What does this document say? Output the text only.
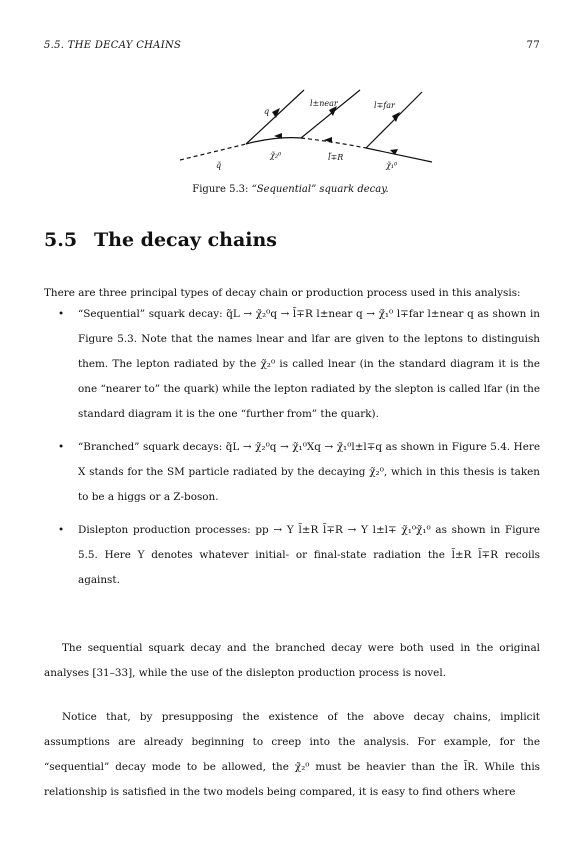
5.5. THE DECAY CHAINS	77
q
l±near	l∓far
q̃
χ̃₂⁰	l̃∓R
χ̃₁⁰
Figure 5.3: “Sequential” squark decay.
5.5 The decay chains
There are three principal types of decay chain or production process used in this analysis:
• “Sequential” squark decay: q̃L → χ̃₂⁰q → l̃∓R l±near q → χ̃₁⁰ l∓far l±near q as shown in Figure 5.3. Note that the names lnear and lfar are given to the leptons to distinguish them. The lepton radiated by the χ̃₂⁰ is called lnear (in the standard diagram it is the one “nearer to” the quark) while the lepton radiated by the slepton is called lfar (in the standard diagram it is the one “further from” the quark).
• “Branched” squark decays: q̃L → χ̃₂⁰q → χ̃₁⁰Xq → χ̃₁⁰l±l∓q as shown in Figure 5.4. Here X stands for the SM particle radiated by the decaying χ̃₂⁰, which in this thesis is taken to be a higgs or a Z-boson.
• Dislepton production processes: pp → Y l̃±R l̃∓R → Y l±l∓ χ̃₁⁰χ̃₁⁰ as shown in Figure 5.5. Here Y denotes whatever initial- or final-state radiation the l̃±R l̃∓R recoils against.
The sequential squark decay and the branched decay were both used in the original analyses [31–33], while the use of the dislepton production process is novel.
Notice that, by presupposing the existence of the above decay chains, implicit assumptions are already beginning to creep into the analysis. For example, for the “sequential” decay mode to be allowed, the χ̃₂⁰ must be heavier than the l̃R. While this relationship is satisfied in the two models being compared, it is easy to find others where
